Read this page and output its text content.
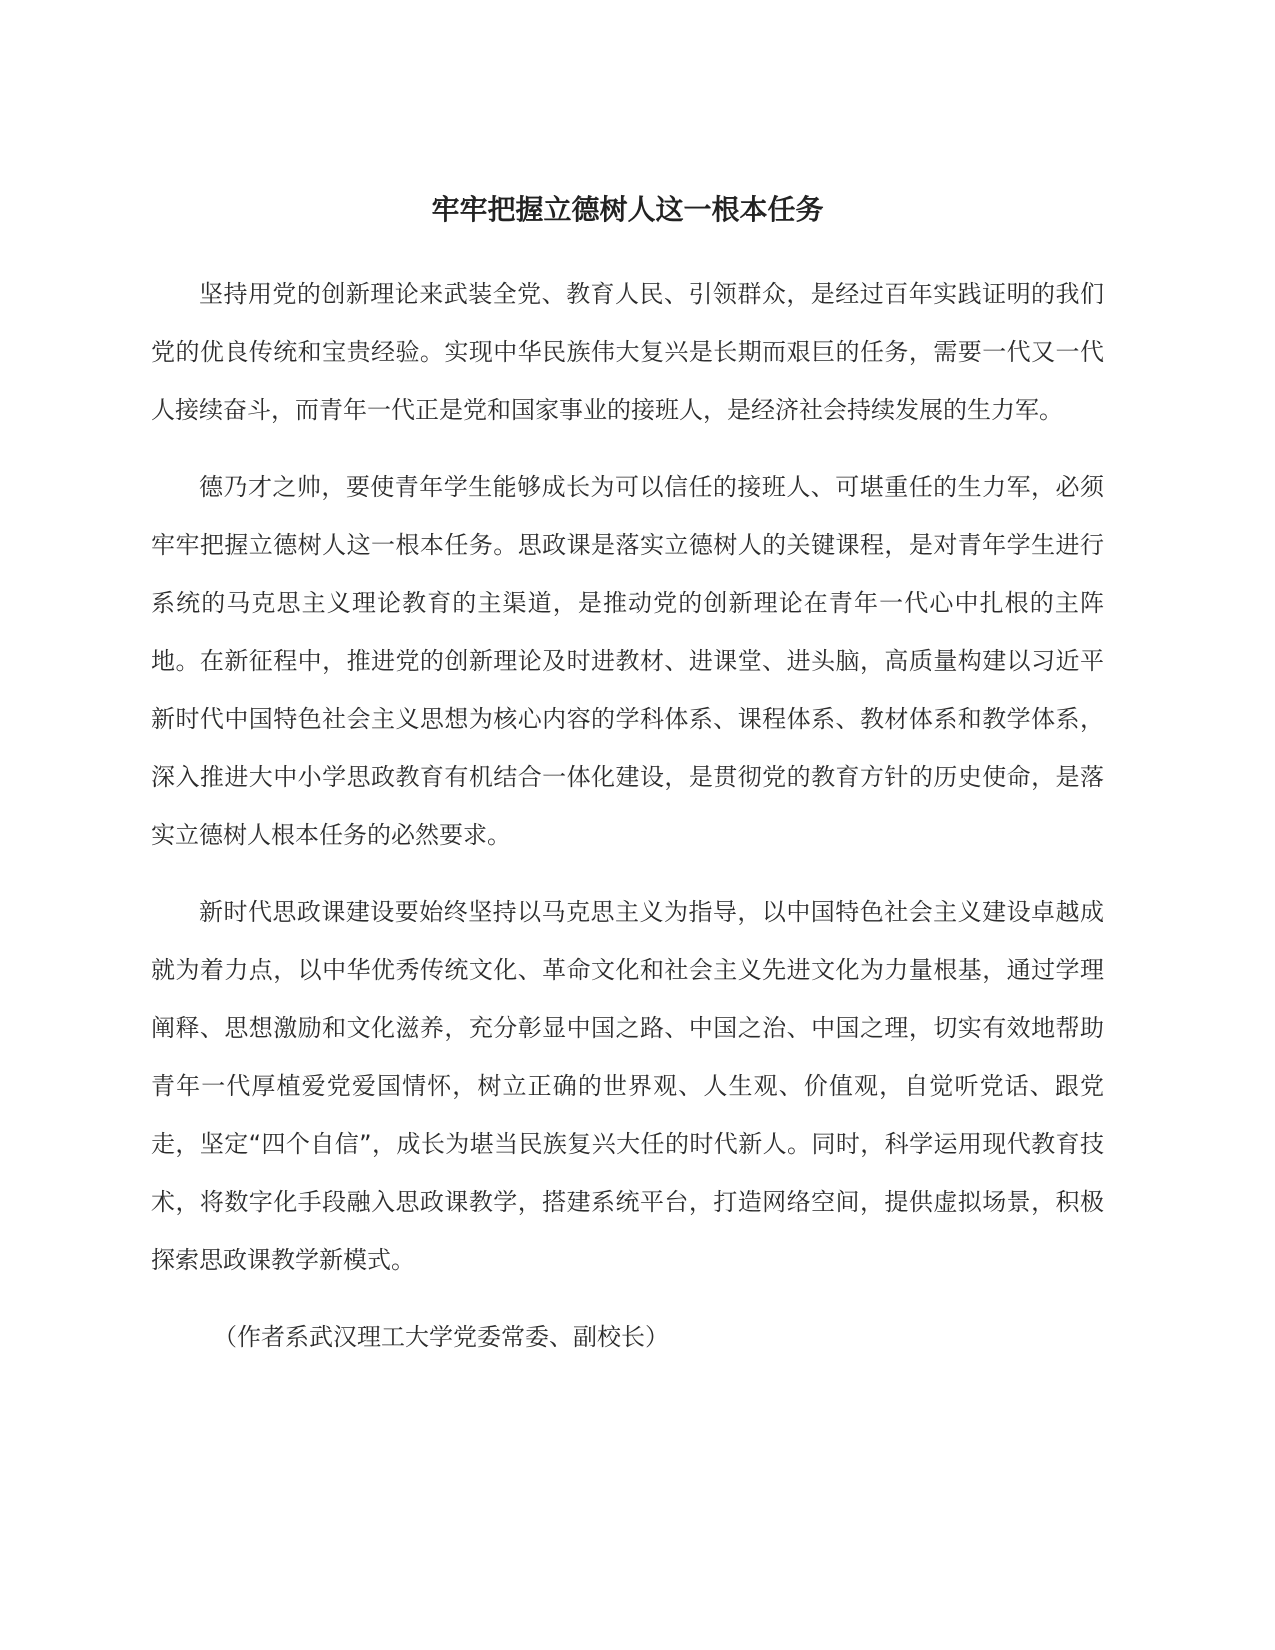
牢牢把握立德树人这一根本任务

坚持用党的创新理论来武装全党、教育人民、引领群众，是经过百年实践证明的我们党的优良传统和宝贵经验。实现中华民族伟大复兴是长期而艰巨的任务，需要一代又一代人接续奋斗，而青年一代正是党和国家事业的接班人，是经济社会持续发展的生力军。

德乃才之帅，要使青年学生能够成长为可以信任的接班人、可堪重任的生力军，必须牢牢把握立德树人这一根本任务。思政课是落实立德树人的关键课程，是对青年学生进行系统的马克思主义理论教育的主渠道，是推动党的创新理论在青年一代心中扎根的主阵地。在新征程中，推进党的创新理论及时进教材、进课堂、进头脑，高质量构建以习近平新时代中国特色社会主义思想为核心内容的学科体系、课程体系、教材体系和教学体系，深入推进大中小学思政教育有机结合一体化建设，是贯彻党的教育方针的历史使命，是落实立德树人根本任务的必然要求。

新时代思政课建设要始终坚持以马克思主义为指导，以中国特色社会主义建设卓越成就为着力点，以中华优秀传统文化、革命文化和社会主义先进文化为力量根基，通过学理阐释、思想激励和文化滋养，充分彰显中国之路、中国之治、中国之理，切实有效地帮助青年一代厚植爱党爱国情怀，树立正确的世界观、人生观、价值观，自觉听党话、跟党走，坚定“四个自信”，成长为堪当民族复兴大任的时代新人。同时，科学运用现代教育技术，将数字化手段融入思政课教学，搭建系统平台，打造网络空间，提供虚拟场景，积极探索思政课教学新模式。

（作者系武汉理工大学党委常委、副校长）
